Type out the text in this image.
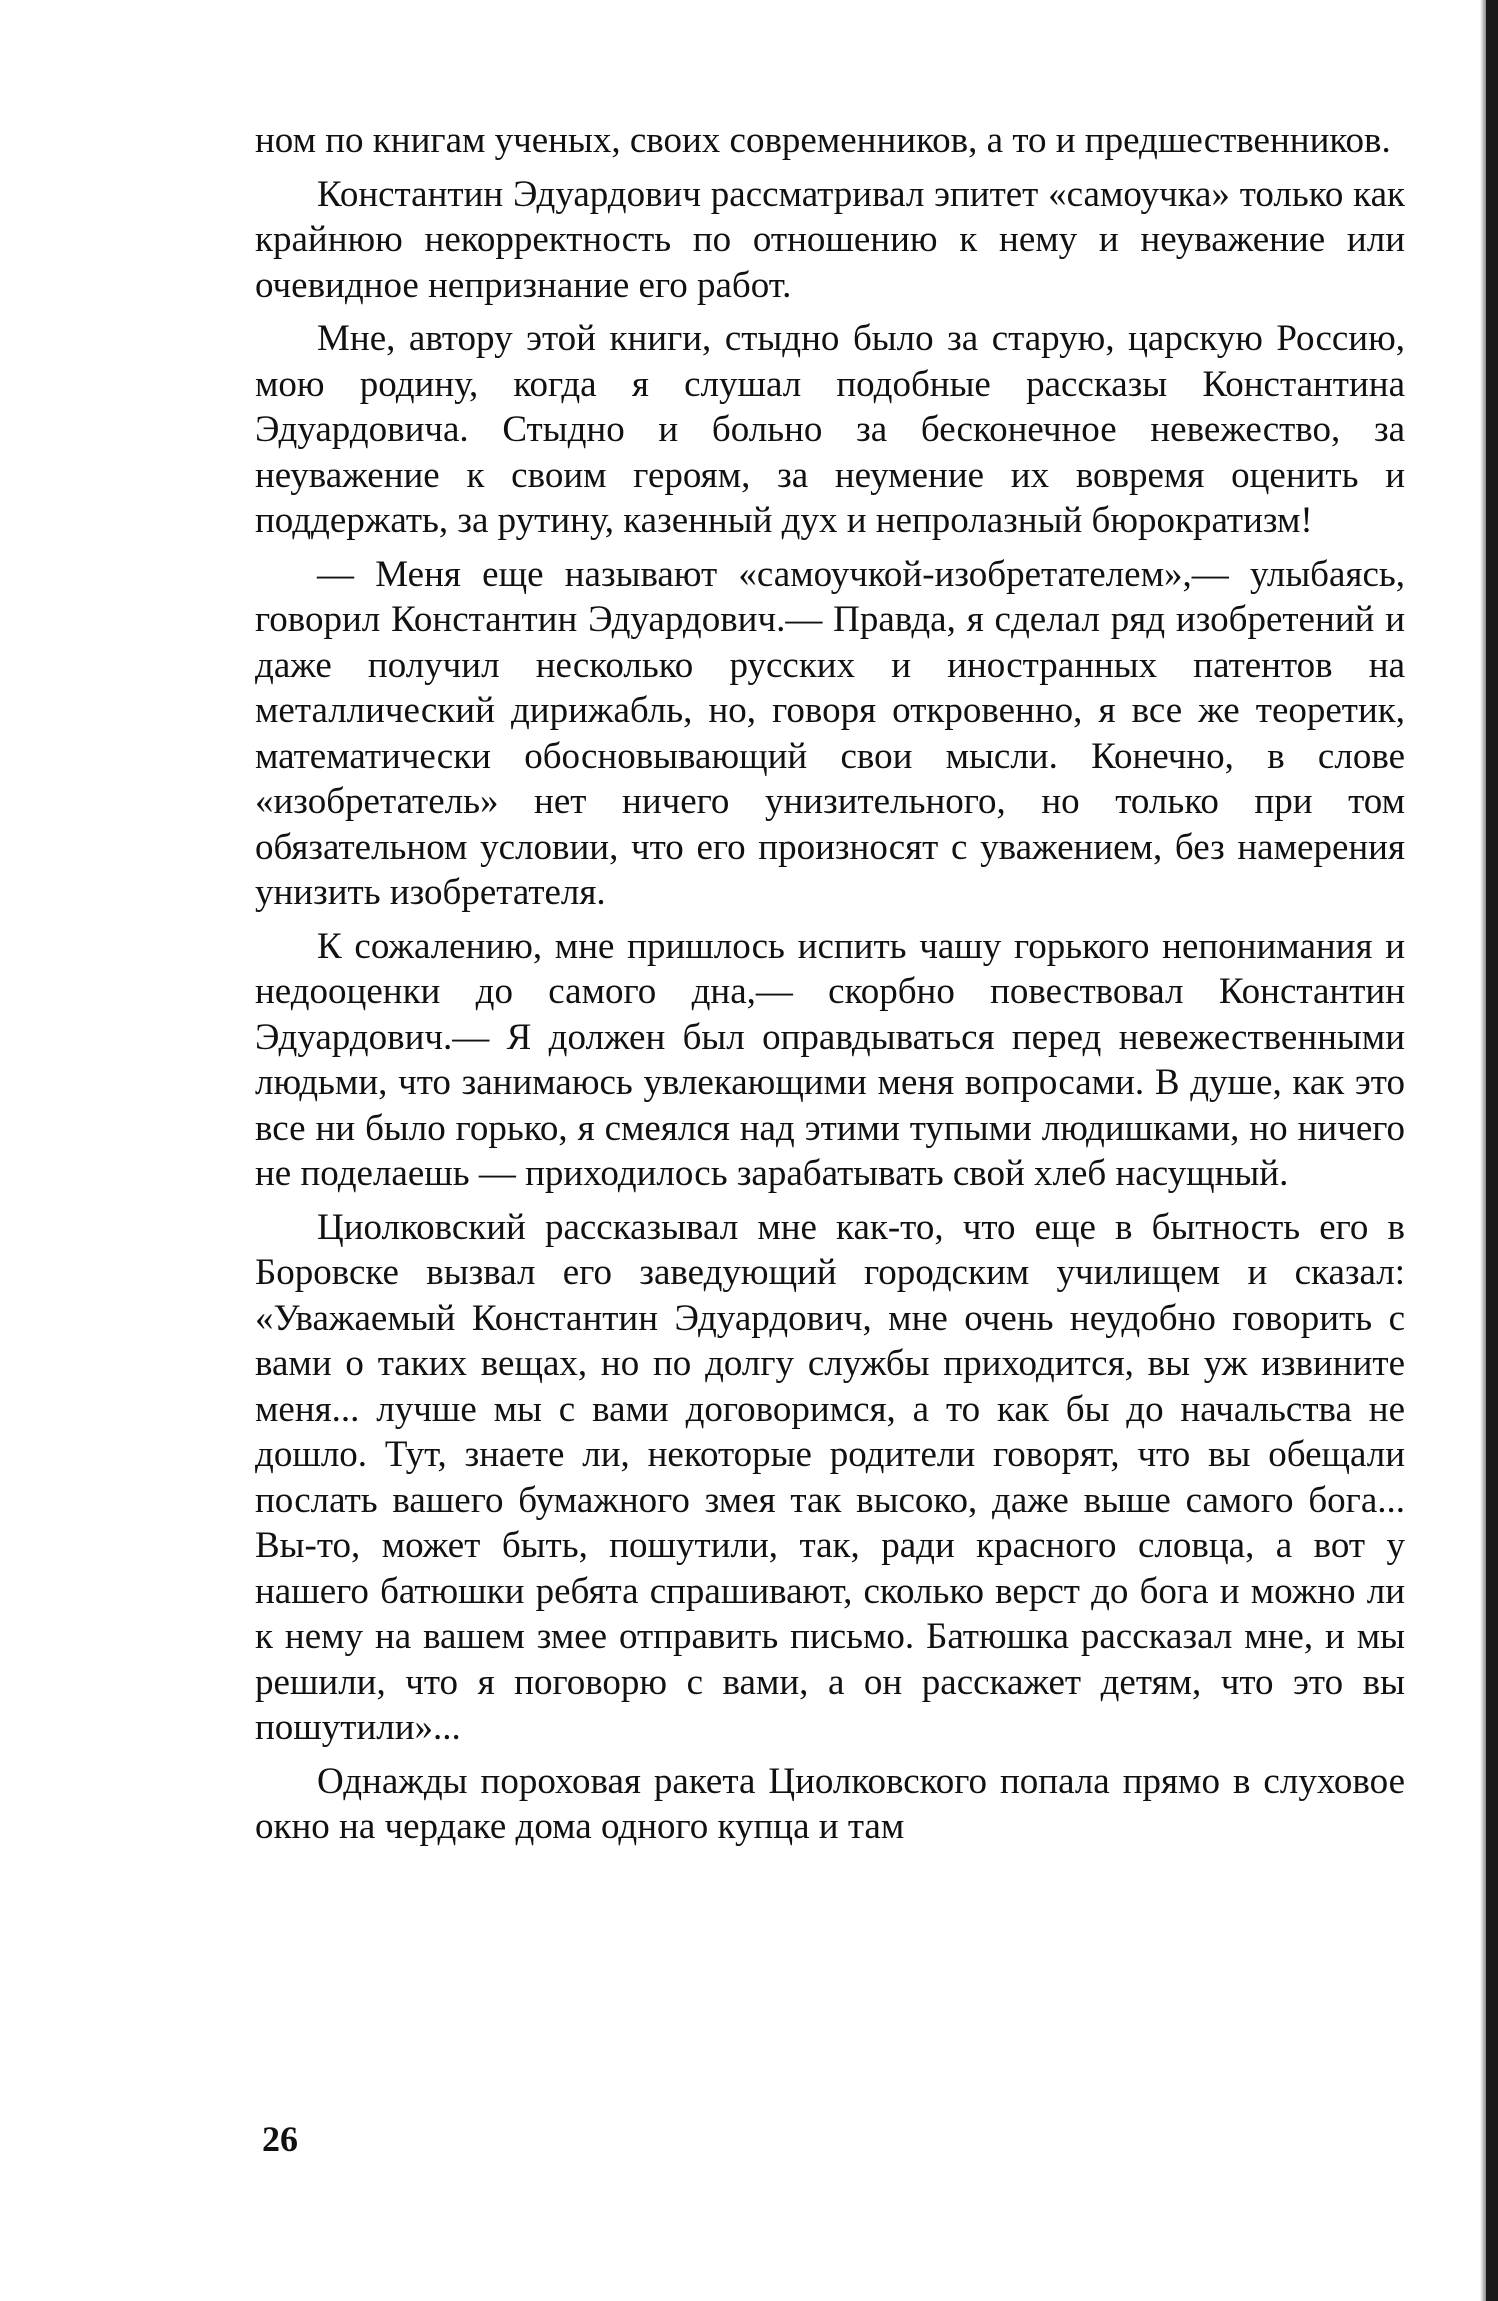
ном по книгам ученых, своих современников, а то и предшественников.

Константин Эдуардович рассматривал эпитет «самоучка» только как крайнюю некорректность по отношению к нему и неуважение или очевидное непризнание его работ.

Мне, автору этой книги, стыдно было за старую, царскую Россию, мою родину, когда я слушал подобные рассказы Константина Эдуардовича. Стыдно и больно за бесконечное невежество, за неуважение к своим героям, за неумение их вовремя оценить и поддержать, за рутину, казенный дух и непролазный бюрократизм!

— Меня еще называют «самоучкой-изобретателем»,— улыбаясь, говорил Константин Эдуардович.— Правда, я сделал ряд изобретений и даже получил несколько русских и иностранных патентов на металлический дирижабль, но, говоря откровенно, я все же теоретик, математически обосновывающий свои мысли. Конечно, в слове «изобретатель» нет ничего унизительного, но только при том обязательном условии, что его произносят с уважением, без намерения унизить изобретателя.

К сожалению, мне пришлось испить чашу горького непонимания и недооценки до самого дна,— скорбно повествовал Константин Эдуардович.— Я должен был оправдываться перед невежественными людьми, что занимаюсь увлекающими меня вопросами. В душе, как это все ни было горько, я смеялся над этими тупыми людишками, но ничего не поделаешь — приходилось зарабатывать свой хлеб насущный.

Циолковский рассказывал мне как-то, что еще в бытность его в Боровске вызвал его заведующий городским училищем и сказал: «Уважаемый Константин Эдуардович, мне очень неудобно говорить с вами о таких вещах, но по долгу службы приходится, вы уж извините меня... лучше мы с вами договоримся, а то как бы до начальства не дошло. Тут, знаете ли, некоторые родители говорят, что вы обещали послать вашего бумажного змея так высоко, даже выше самого бога... Вы-то, может быть, пошутили, так, ради красного словца, а вот у нашего батюшки ребята спрашивают, сколько верст до бога и можно ли к нему на вашем змее отправить письмо. Батюшка рассказал мне, и мы решили, что я поговорю с вами, а он расскажет детям, что это вы пошутили»...

Однажды пороховая ракета Циолковского попала прямо в слуховое окно на чердаке дома одного купца и там

26
